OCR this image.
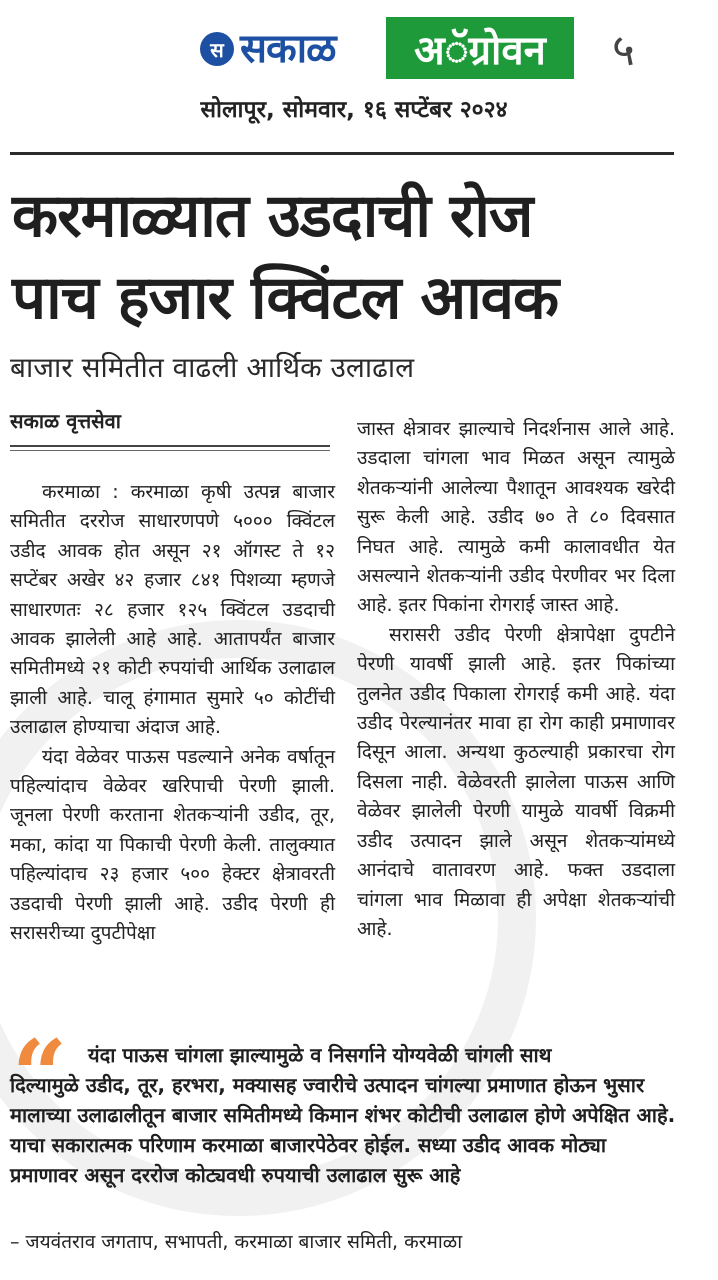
स सकाळ	अॅग्रोवन	५
सोलापूर, सोमवार, १६ सप्टेंबर २०२४
करमाळ्यात उडदाची रोज
पाच हजार क्विंटल आवक
बाजार समितीत वाढली आर्थिक उलाढाल
सकाळ वृत्तसेवा

करमाळा : करमाळा कृषी उत्पन्न बाजार समितीत दररोज साधारणपणे ५००० क्विंटल उडीद आवक होत असून २१ ऑगस्ट ते १२ सप्टेंबर अखेर ४२ हजार ८४१ पिशव्या म्हणजे साधारणतः २८ हजार १२५ क्विंटल उडदाची आवक झालेली आहे आहे. आतापर्यंत बाजार समितीमध्ये २१ कोटी रुपयांची आर्थिक उलाढाल झाली आहे. चालू हंगामात सुमारे ५० कोटींची उलाढाल होण्याचा अंदाज आहे.

यंदा वेळेवर पाऊस पडल्याने अनेक वर्षातून पहिल्यांदाच वेळेवर खरिपाची पेरणी झाली. जूनला पेरणी करताना शेतकऱ्यांनी उडीद, तूर, मका, कांदा या पिकाची पेरणी केली. तालुक्यात पहिल्यांदाच २३ हजार ५०० हेक्टर क्षेत्रावरती उडदाची पेरणी झाली आहे. उडीद पेरणी ही सरासरीच्या दुपटीपेक्षा

जास्त क्षेत्रावर झाल्याचे निदर्शनास आले आहे. उडदाला चांगला भाव मिळत असून त्यामुळे शेतकऱ्यांनी आलेल्या पैशातून आवश्यक खरेदी सुरू केली आहे. उडीद ७० ते ८० दिवसात निघत आहे. त्यामुळे कमी कालावधीत येत असल्याने शेतकऱ्यांनी उडीद पेरणीवर भर दिला आहे. इतर पिकांना रोगराई जास्त आहे.

सरासरी उडीद पेरणी क्षेत्रापेक्षा दुपटीने पेरणी यावर्षी झाली आहे. इतर पिकांच्या तुलनेत उडीद पिकाला रोगराई कमी आहे. यंदा उडीद पेरल्यानंतर मावा हा रोग काही प्रमाणावर दिसून आला. अन्यथा कुठल्याही प्रकारचा रोग दिसला नाही. वेळेवरती झालेला पाऊस आणि वेळेवर झालेली पेरणी यामुळे यावर्षी विक्रमी उडीद उत्पादन झाले असून शेतकऱ्यांमध्ये आनंदाचे वातावरण आहे. फक्त उडदाला चांगला भाव मिळावा ही अपेक्षा शेतकऱ्यांची आहे.

“	यंदा पाऊस चांगला झाल्यामुळे व निसर्गाने योग्यवेळी चांगली साथ
दिल्यामुळे उडीद, तूर, हरभरा, मक्यासह ज्वारीचे उत्पादन चांगल्या प्रमाणात होऊन भुसार मालाच्या उलाढालीतून बाजार समितीमध्ये किमान शंभर कोटीची उलाढाल होणे अपेक्षित आहे. याचा सकारात्मक परिणाम करमाळा बाजारपेठेवर होईल. सध्या उडीद आवक मोठ्या प्रमाणावर असून दररोज कोट्यवधी रुपयाची उलाढाल सुरू आहे
– जयवंतराव जगताप, सभापती, करमाळा बाजार समिती, करमाळा
